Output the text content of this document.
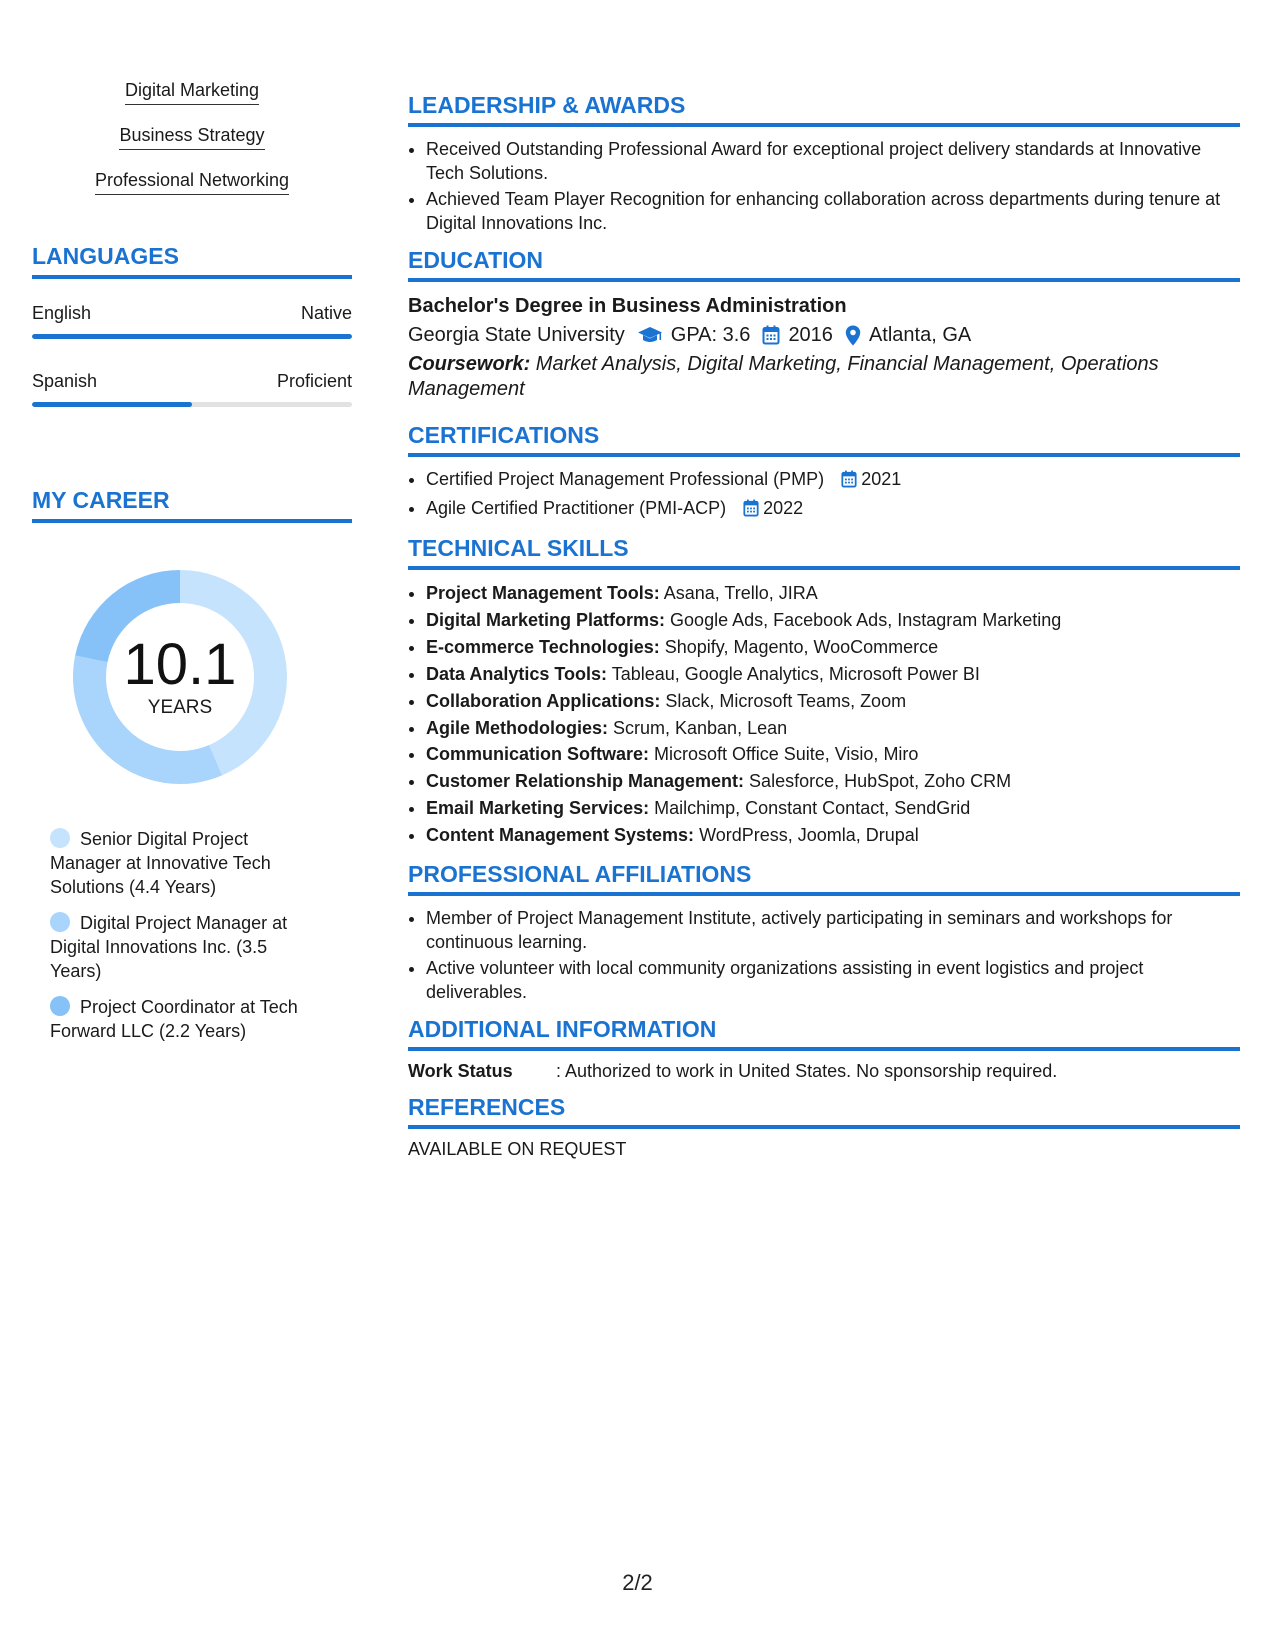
Digital Marketing
Business Strategy
Professional Networking
LANGUAGES
English	Native
Spanish	Proficient
MY CAREER
10.1
YEARS
Senior Digital Project Manager at Innovative Tech Solutions (4.4 Years)
Digital Project Manager at Digital Innovations Inc. (3.5 Years)
Project Coordinator at Tech Forward LLC (2.2 Years)
LEADERSHIP & AWARDS
• Received Outstanding Professional Award for exceptional project delivery standards at Innovative Tech Solutions.
• Achieved Team Player Recognition for enhancing collaboration across departments during tenure at Digital Innovations Inc.
EDUCATION
Bachelor's Degree in Business Administration
Georgia State University GPA: 3.6 2016 Atlanta, GA
Coursework: Market Analysis, Digital Marketing, Financial Management, Operations Management
CERTIFICATIONS
• Certified Project Management Professional (PMP) 2021
• Agile Certified Practitioner (PMI-ACP) 2022
TECHNICAL SKILLS
• Project Management Tools: Asana, Trello, JIRA
• Digital Marketing Platforms: Google Ads, Facebook Ads, Instagram Marketing
• E-commerce Technologies: Shopify, Magento, WooCommerce
• Data Analytics Tools: Tableau, Google Analytics, Microsoft Power BI
• Collaboration Applications: Slack, Microsoft Teams, Zoom
• Agile Methodologies: Scrum, Kanban, Lean
• Communication Software: Microsoft Office Suite, Visio, Miro
• Customer Relationship Management: Salesforce, HubSpot, Zoho CRM
• Email Marketing Services: Mailchimp, Constant Contact, SendGrid
• Content Management Systems: WordPress, Joomla, Drupal
PROFESSIONAL AFFILIATIONS
• Member of Project Management Institute, actively participating in seminars and workshops for continuous learning.
• Active volunteer with local community organizations assisting in event logistics and project deliverables.
ADDITIONAL INFORMATION
Work Status	: Authorized to work in United States. No sponsorship required.
REFERENCES
AVAILABLE ON REQUEST
2/2
